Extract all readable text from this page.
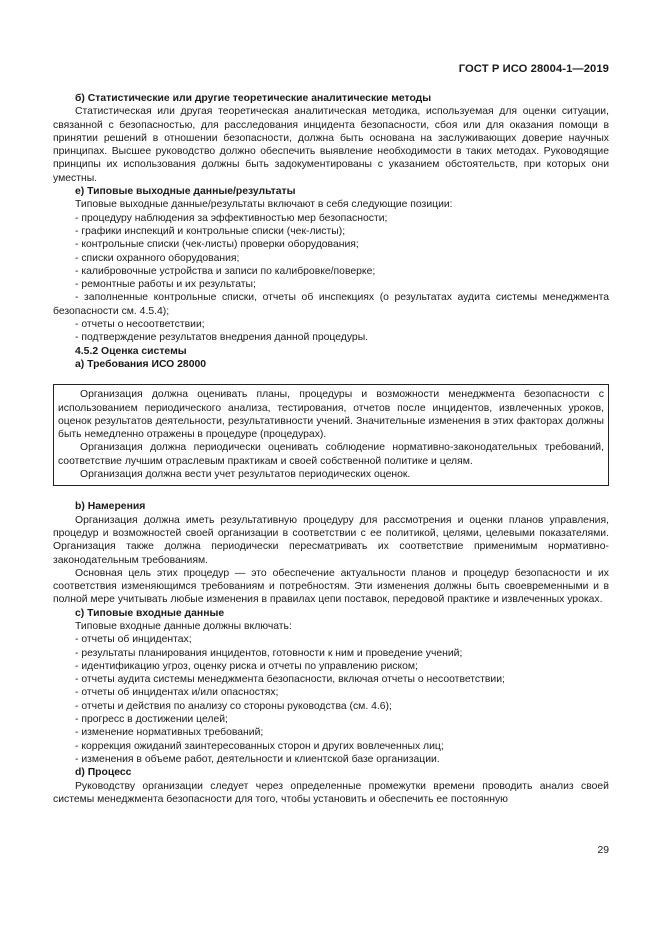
ГОСТ Р ИСО 28004-1—2019
б) Статистические или другие теоретические аналитические методы

Статистическая или другая теоретическая аналитическая методика, используемая для оценки ситуации, связанной с безопасностью, для расследования инцидента безопасности, сбоя или для оказания помощи в принятии решений в отношении безопасности, должна быть основана на заслуживающих доверие научных принципах. Высшее руководство должно обеспечить выявление необходимости в таких методах. Руководящие принципы их использования должны быть задокументированы с указанием обстоятельств, при которых они уместны.

е) Типовые выходные данные/результаты

Типовые выходные данные/результаты включают в себя следующие позиции:

- процедуру наблюдения за эффективностью мер безопасности;
- графики инспекций и контрольные списки (чек-листы);
- контрольные списки (чек-листы) проверки оборудования;
- списки охранного оборудования;
- калибровочные устройства и записи по калибровке/поверке;
- ремонтные работы и их результаты;
- заполненные контрольные списки, отчеты об инспекциях (о результатах аудита системы менеджмента безопасности см. 4.5.4);
- отчеты о несоответствии;
- подтверждение результатов внедрения данной процедуры.
4.5.2 Оценка системы
а) Требования ИСО 28000

Организация должна оценивать планы, процедуры и возможности менеджмента безопасности с использованием периодического анализа, тестирования, отчетов после инцидентов, извлеченных уроков, оценок результатов деятельности, результативности учений. Значительные изменения в этих факторах должны быть немедленно отражены в процедуре (процедурах).

Организация должна периодически оценивать соблюдение нормативно-законодательных требований, соответствие лучшим отраслевым практикам и своей собственной политике и целям.

Организация должна вести учет результатов периодических оценок.

b) Намерения

Организация должна иметь результативную процедуру для рассмотрения и оценки планов управления, процедур и возможностей своей организации в соответствии с ее политикой, целями, целевыми показателями. Организация также должна периодически пересматривать их соответствие применимым нормативно-законодательным требованиям.

Основная цель этих процедур — это обеспечение актуальности планов и процедур безопасности и их соответствия изменяющимся требованиям и потребностям. Эти изменения должны быть своевременными и в полной мере учитывать любые изменения в правилах цепи поставок, передовой практике и извлеченных уроках.

с) Типовые входные данные

Типовые входные данные должны включать:

- отчеты об инцидентах;
- результаты планирования инцидентов, готовности к ним и проведение учений;
- идентификацию угроз, оценку риска и отчеты по управлению риском;
- отчеты аудита системы менеджмента безопасности, включая отчеты о несоответствии;
- отчеты об инцидентах и/или опасностях;
- отчеты и действия по анализу со стороны руководства (см. 4.6);
- прогресс в достижении целей;
- изменение нормативных требований;
- коррекция ожиданий заинтересованных сторон и других вовлеченных лиц;
- изменения в объеме работ, деятельности и клиентской базе организации.
d) Процесс

Руководству организации следует через определенные промежутки времени проводить анализ своей системы менеджмента безопасности для того, чтобы установить и обеспечить ее постоянную

29
